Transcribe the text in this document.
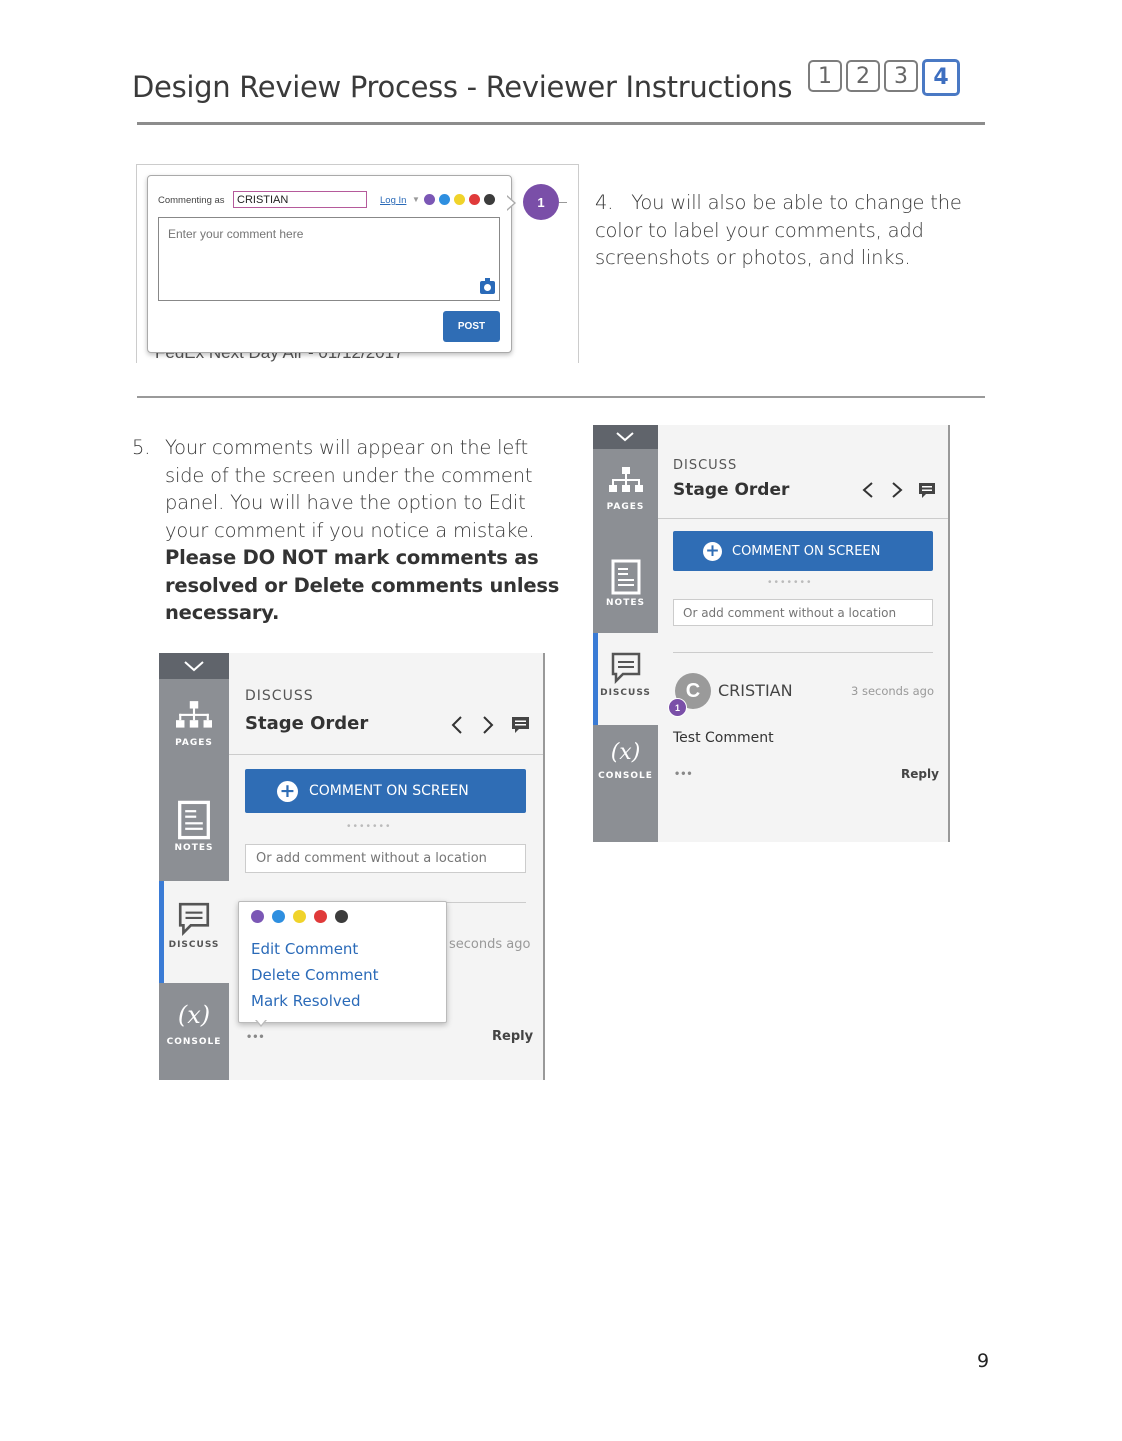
Design Review Process - Reviewer Instructions	1	2	3	4
Commenting as
CRISTIAN	Log In ▼
Enter your comment here
POST
1	4. You will also be able to change the color to label your comments, add screenshots or photos, and links.
5. Your comments will appear on the left side of the screen under the comment panel. You will have the option to Edit your comment if you notice a mistake.
Please DO NOT mark comments as resolved or Delete comments unless necessary.
PAGES
NOTES
DISCUSS
(x)
CONSOLE
DISCUSS
Stage Order
+ COMMENT ON SCREEN
•••••••
Or add comment without a location
C
1
CRISTIAN	3 seconds ago
Test Comment
•••	Reply
PAGES
NOTES
DISCUSS
(x)
CONSOLE
DISCUSS
Stage Order
+ COMMENT ON SCREEN
•••••••
Or add comment without a location
seconds ago
Reply
•••
Edit Comment
Delete Comment
Mark Resolved
9
